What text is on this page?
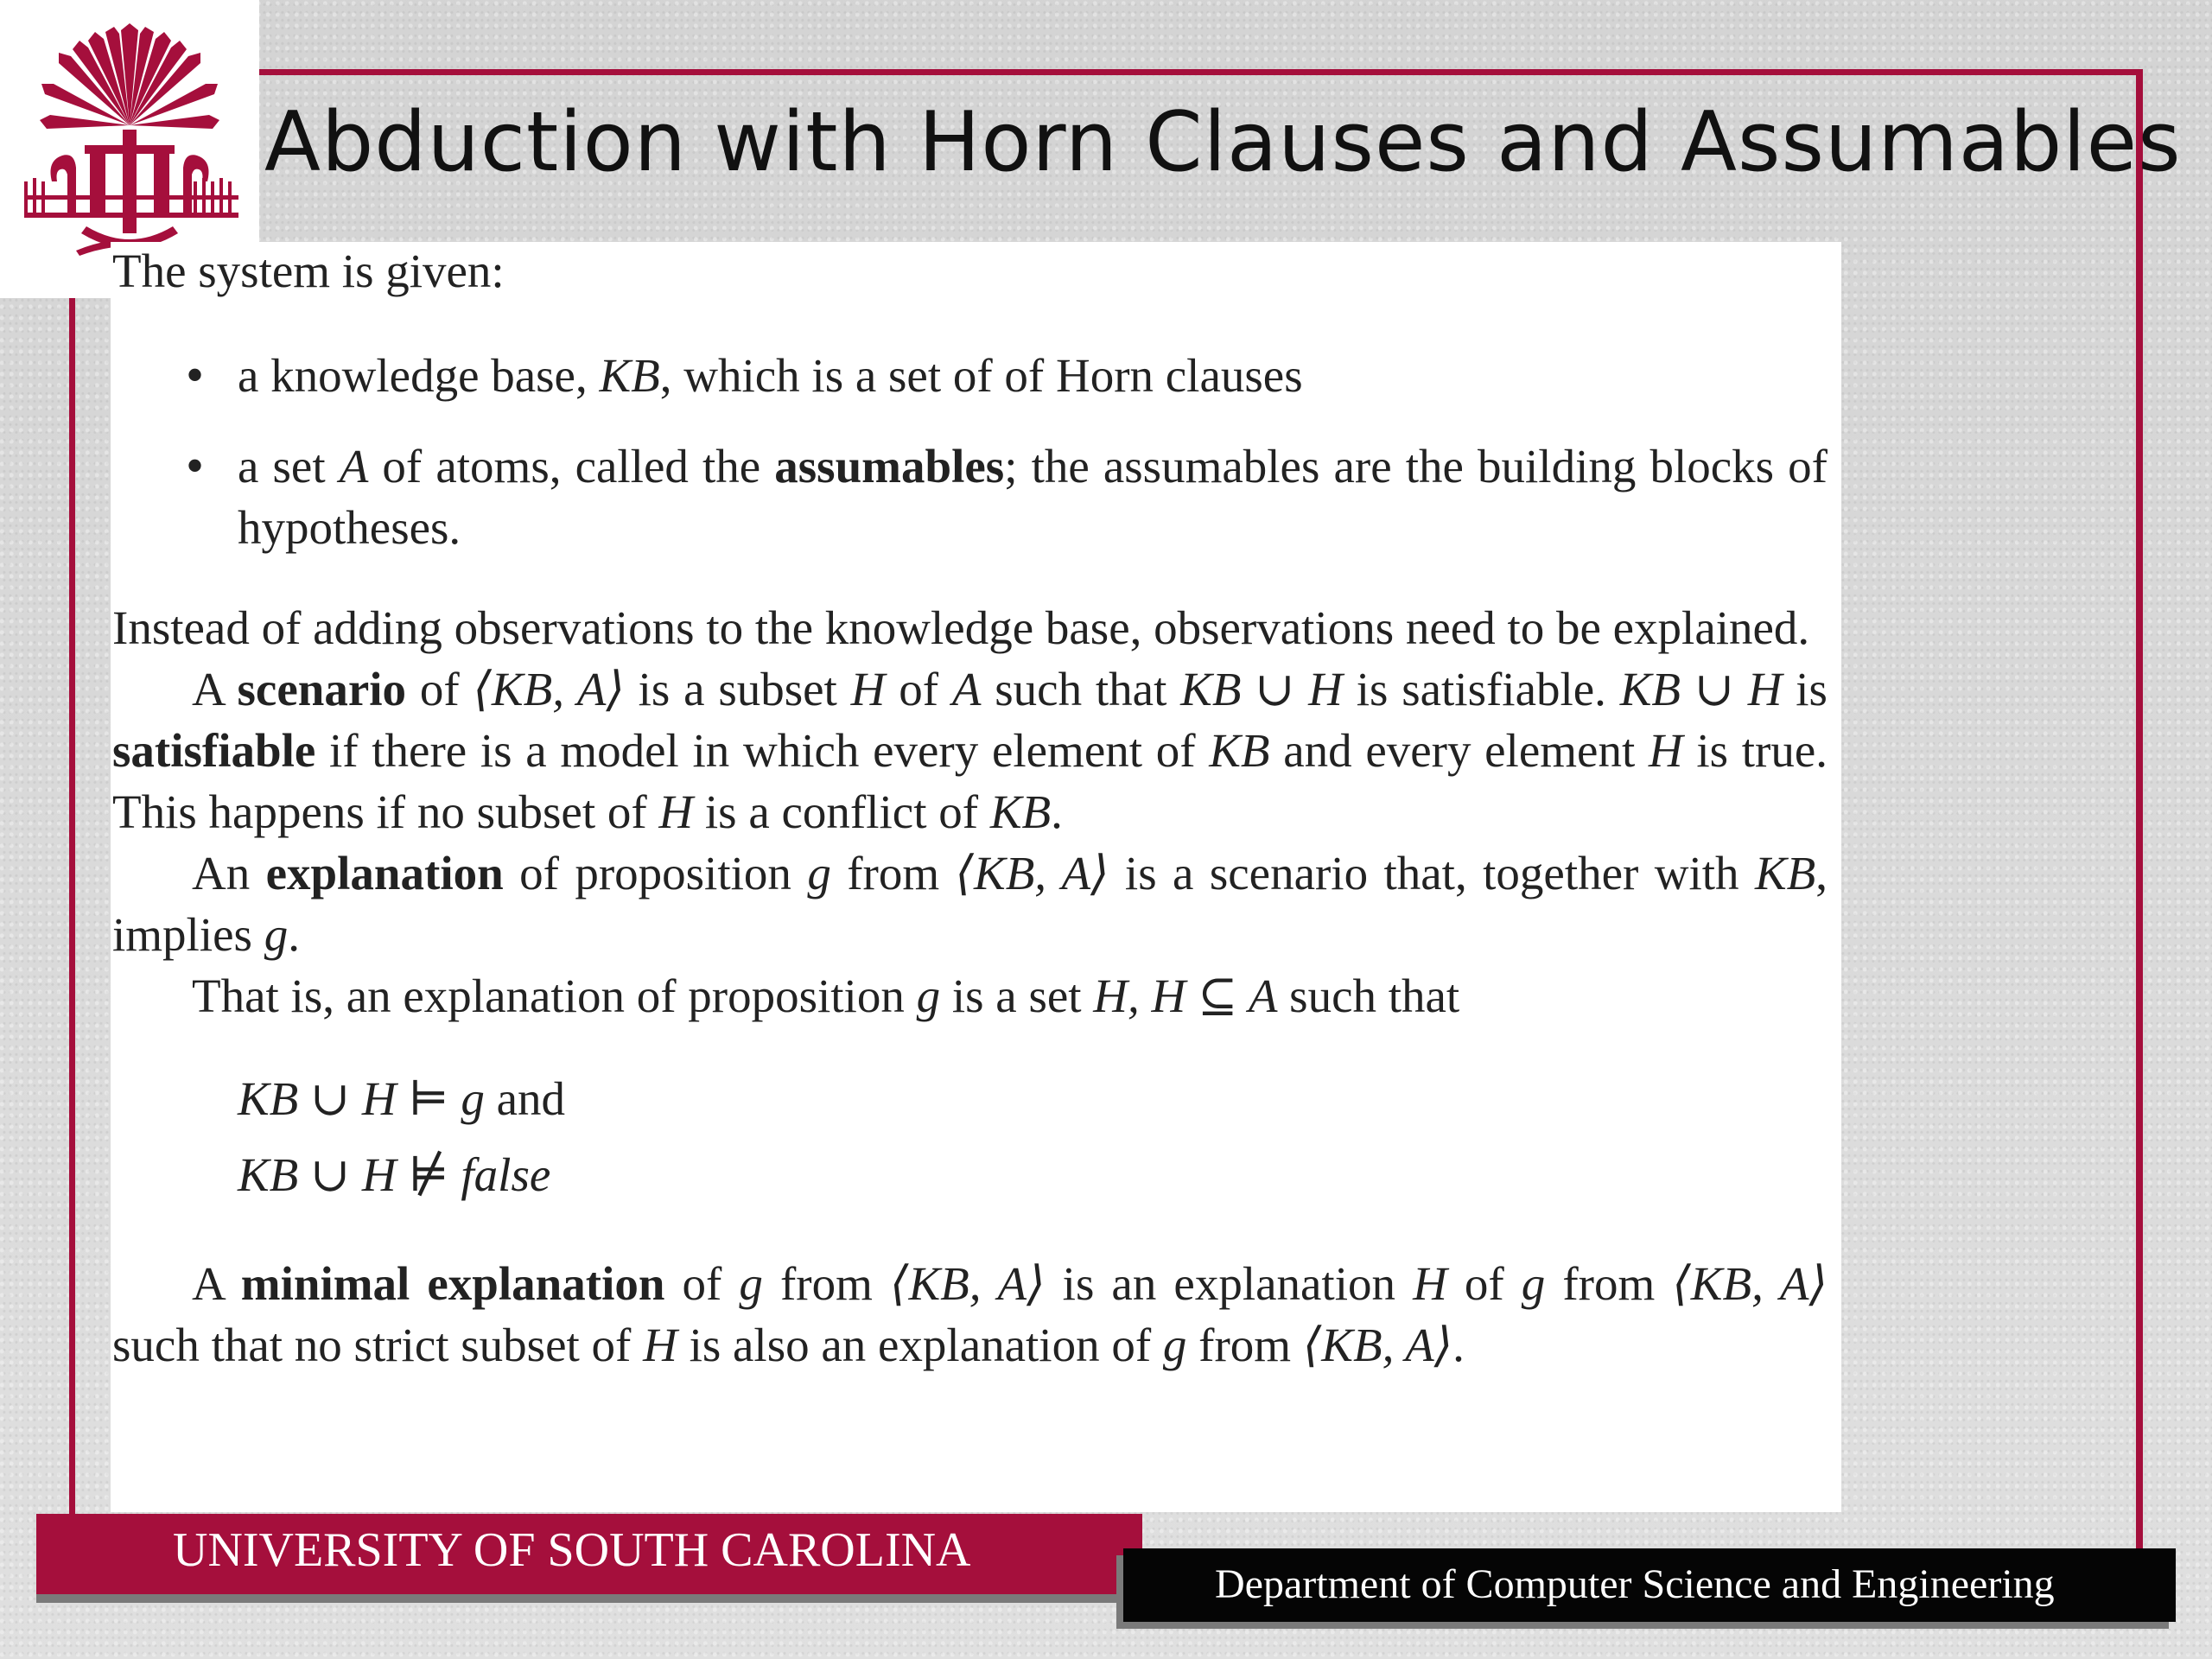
Abduction with Horn Clauses and Assumables

The system is given:

• a knowledge base, KB, which is a set of of Horn clauses
• a set A of atoms, called the assumables; the assumables are the building blocks of hypotheses.

Instead of adding observations to the knowledge base, observations need to be explained.

A scenario of ⟨KB, A⟩ is a subset H of A such that KB ∪ H is satisfiable. KB ∪ H is satisfiable if there is a model in which every element of KB and every element H is true. This happens if no subset of H is a conflict of KB.

An explanation of proposition g from ⟨KB, A⟩ is a scenario that, together with KB, implies g.

That is, an explanation of proposition g is a set H, H ⊆ A such that

KB ∪ H ⊨ g and

KB ∪ H ⊭ false

A minimal explanation of g from ⟨KB, A⟩ is an explanation H of g from ⟨KB, A⟩ such that no strict subset of H is also an explanation of g from ⟨KB, A⟩.

UNIVERSITY OF SOUTH CAROLINA
Department of Computer Science and Engineering
